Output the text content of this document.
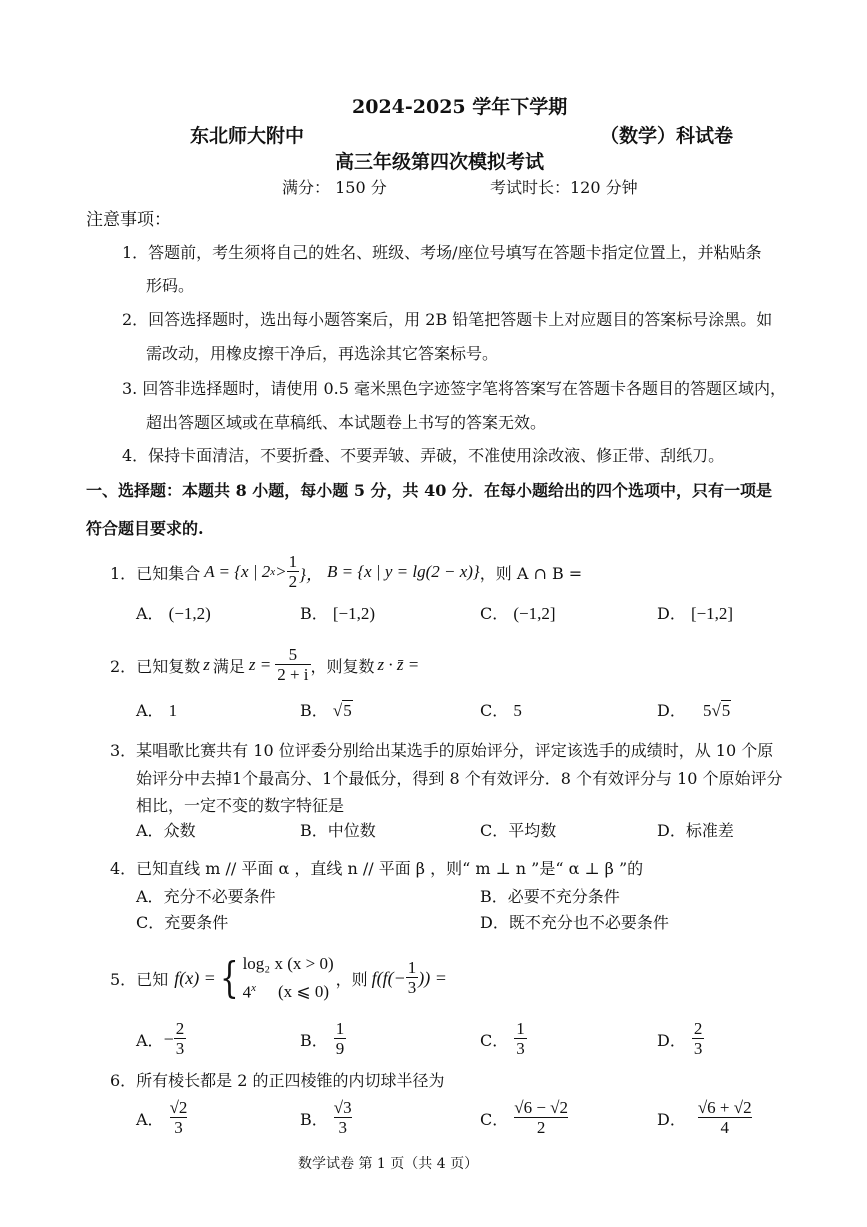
2024-2025 学年下学期
东北师大附中	（数学）科试卷
高三年级第四次模拟考试
满分： 150 分	考试时长：120 分钟
注意事项：
1．答题前，考生须将自己的姓名、班级、考场/座位号填写在答题卡指定位置上，并粘贴条
形码。
2．回答选择题时，选出每小题答案后，用 2B 铅笔把答题卡上对应题目的答案标号涂黑。如
需改动，用橡皮擦干净后，再选涂其它答案标号。
3. 回答非选择题时，请使用 0.5 毫米黑色字迹签字笔将答案写在答题卡各题目的答题区域内，
超出答题区域或在草稿纸、本试题卷上书写的答案无效。
4．保持卡面清洁，不要折叠、不要弄皱、弄破，不准使用涂改液、修正带、刮纸刀。
一、选择题：本题共 8 小题，每小题 5 分，共 40 分．在每小题给出的四个选项中，只有一项是
符合题目要求的.
1． 已知集合 A = {x | 2 $x > \frac{1}{2}$ }， B = {x | y = lg(2 − x)} ，则 A ∩ B =
A． (−1,2)	B． [−1,2)	C． (−1,2]	D． [−1,2]
2． 已知复数 z 满足 $z = \frac{5}{2 + i}$ ，则复数 z · z̄ =
A． 1	B． √5	C． 5	D． 5√5
3．某唱歌比赛共有 10 位评委分别给出某选手的原始评分，评定该选手的成绩时，从 10 个原
始评分中去掉1个最高分、1个最低分，得到 8 个有效评分．8 个有效评分与 10 个原始评分
相比，一定不变的数字特征是
A．众数	B．中位数	C．平均数	D．标准差
4．已知直线 m // 平面 α ，直线 n // 平面 β ，则“ m ⊥ n ”是“ α ⊥ β ”的
A．充分不必要条件	B．必要不充分条件
C．充要条件	D．既不充分也不必要条件
5． 已知 f(x) = { log₂ x (x > 0)
4$^x$ (x ⩽ 0)
，则 $f(f(- \frac{1}{3}$ )) =
A． − $\frac{2}{3}$	B． $\frac{1}{9}$	C． $\frac{1}{3}$	D． $\frac{2}{3}$
6．所有棱长都是 2 的正四棱锥的内切球半径为
A． $\frac{√2}{3}$	B． $\frac{√3}{3}$	C． $\frac{√6 - √2}{2}$	D． $\frac{√6 + √2}{4}$
数学试卷 第 1 页（共 4 页）
